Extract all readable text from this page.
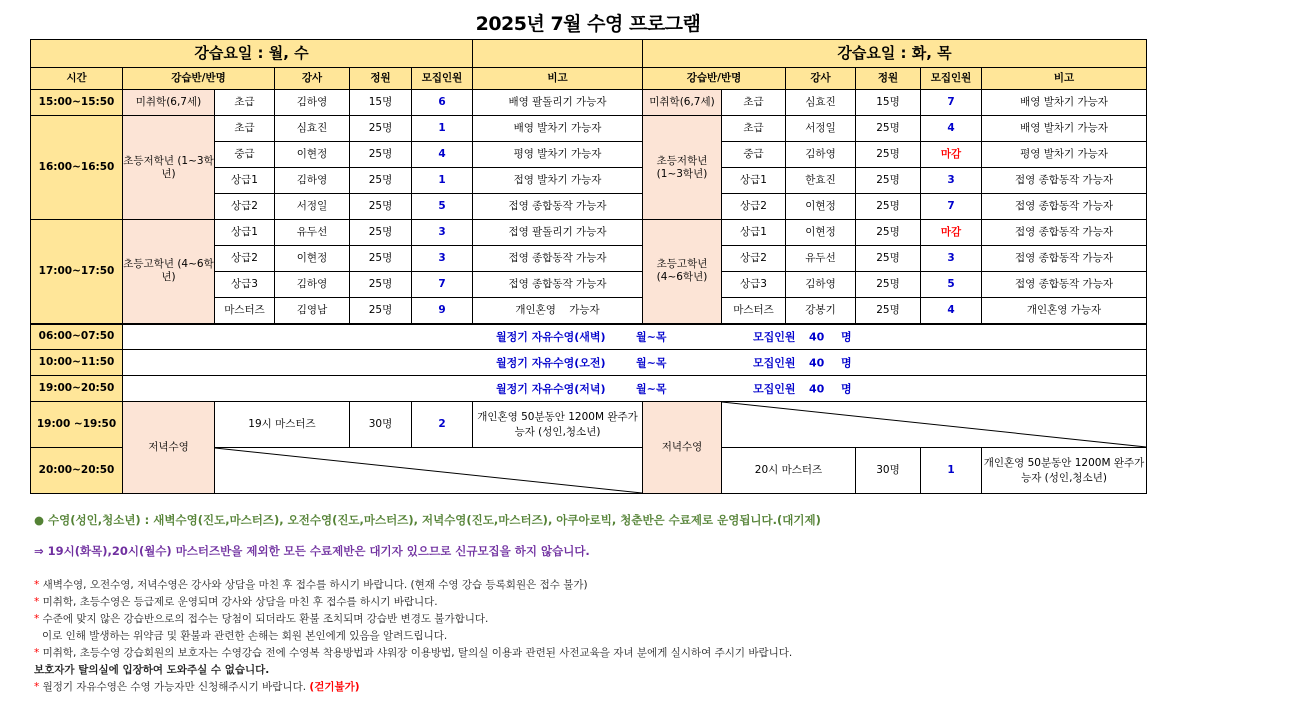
2025년 7월 수영 프로그램
강습요일 : 월, 수							강습요일 : 화, 목					
시간	강습반/반명		강사	정원	모집인원	비고	강습반/반명		강사	정원	모집인원	비고
15:00~15:50	미취학(6,7세)	초급	김하영	15명	6	배영 팔돌리기 가능자	미취학(6,7세)	초급	심효진	15명	7	배영 발차기 가능자
16:00~16:50	초등저학년 (1~3학년)	초급	심효진	25명	1	배영 발차기 가능자	초등저학년 (1~3학년)	초급	서정일	25명	4	배영 발차기 가능자
		중급	이현정	25명	4	평영 발차기 가능자		중급	김하영	25명	마감	평영 발차기 가능자
		상급1	김하영	25명	1	접영 발차기 가능자		상급1	한효진	25명	3	접영 종합동작 가능자
		상급2	서정일	25명	5	접영 종합동작 가능자		상급2	이현정	25명	7	접영 종합동작 가능자
17:00~17:50	초등고학년 (4~6학년)	상급1	유두선	25명	3	접영 팔돌리기 가능자	초등고학년 (4~6학년)	상급1	이현정	25명	마감	접영 종합동작 가능자
		상급2	이현정	25명	3	접영 종합동작 가능자		상급2	유두선	25명	3	접영 종합동작 가능자
		상급3	김하영	25명	7	접영 종합동작 가능자		상급3	김하영	25명	5	접영 종합동작 가능자
		마스터즈	김영남	25명	9	개인혼영    가능자		마스터즈	강봉기	25명	4	개인혼영 가능자
06:00~07:50	월정기 자유수영(새벽) 월~목 모집인원 40 명											

10:00~11:50	월정기 자유수영(오전) 월~목 모집인원 40 명											

19:00~20:50	월정기 자유수영(저녁) 월~목 모집인원 40 명											

19:00 ~19:50	저녁수영	19시 마스터즈		30명	2	개인혼영 50분동안 1200M 완주가능자 (성인,청소년)	저녁수영	

20:00~20:50								20시 마스터즈		30명	1	개인혼영 50분동안 1200M 완주가능자 (성인,청소년)
● 수영(성인,청소년) : 새벽수영(진도,마스터즈), 오전수영(진도,마스터즈), 저녁수영(진도,마스터즈), 아쿠아로빅, 청춘반은 수료제로 운영됩니다.(대기제)
⇒ 19시(화목),20시(월수) 마스터즈반을 제외한 모든 수료제반은 대기자 있으므로 신규모집을 하지 않습니다.
* 새벽수영, 오전수영, 저녁수영은 강사와 상담을 마친 후 접수를 하시기 바랍니다. (현재 수영 강습 등록회원은 접수 불가)
* 미취학, 초등수영은 등급제로 운영되며 강사와 상담을 마친 후 접수를 하시기 바랍니다.
* 수준에 맞지 않은 강습반으로의 접수는 당첨이 되더라도 환불 조치되며 강습반 변경도 불가합니다.
이로 인해 발생하는 위약금 및 환불과 관련한 손해는 회원 본인에게 있음을 알려드립니다.
* 미취학, 초등수영 강습회원의 보호자는 수영강습 전에 수영복 착용방법과 샤워장 이용방법, 탈의실 이용과 관련된 사전교육을 자녀 분에게 실시하여 주시기 바랍니다.
보호자가 탈의실에 입장하여 도와주실 수 없습니다.
* 월정기 자유수영은 수영 가능자만 신청해주시기 바랍니다. (걷기불가)
